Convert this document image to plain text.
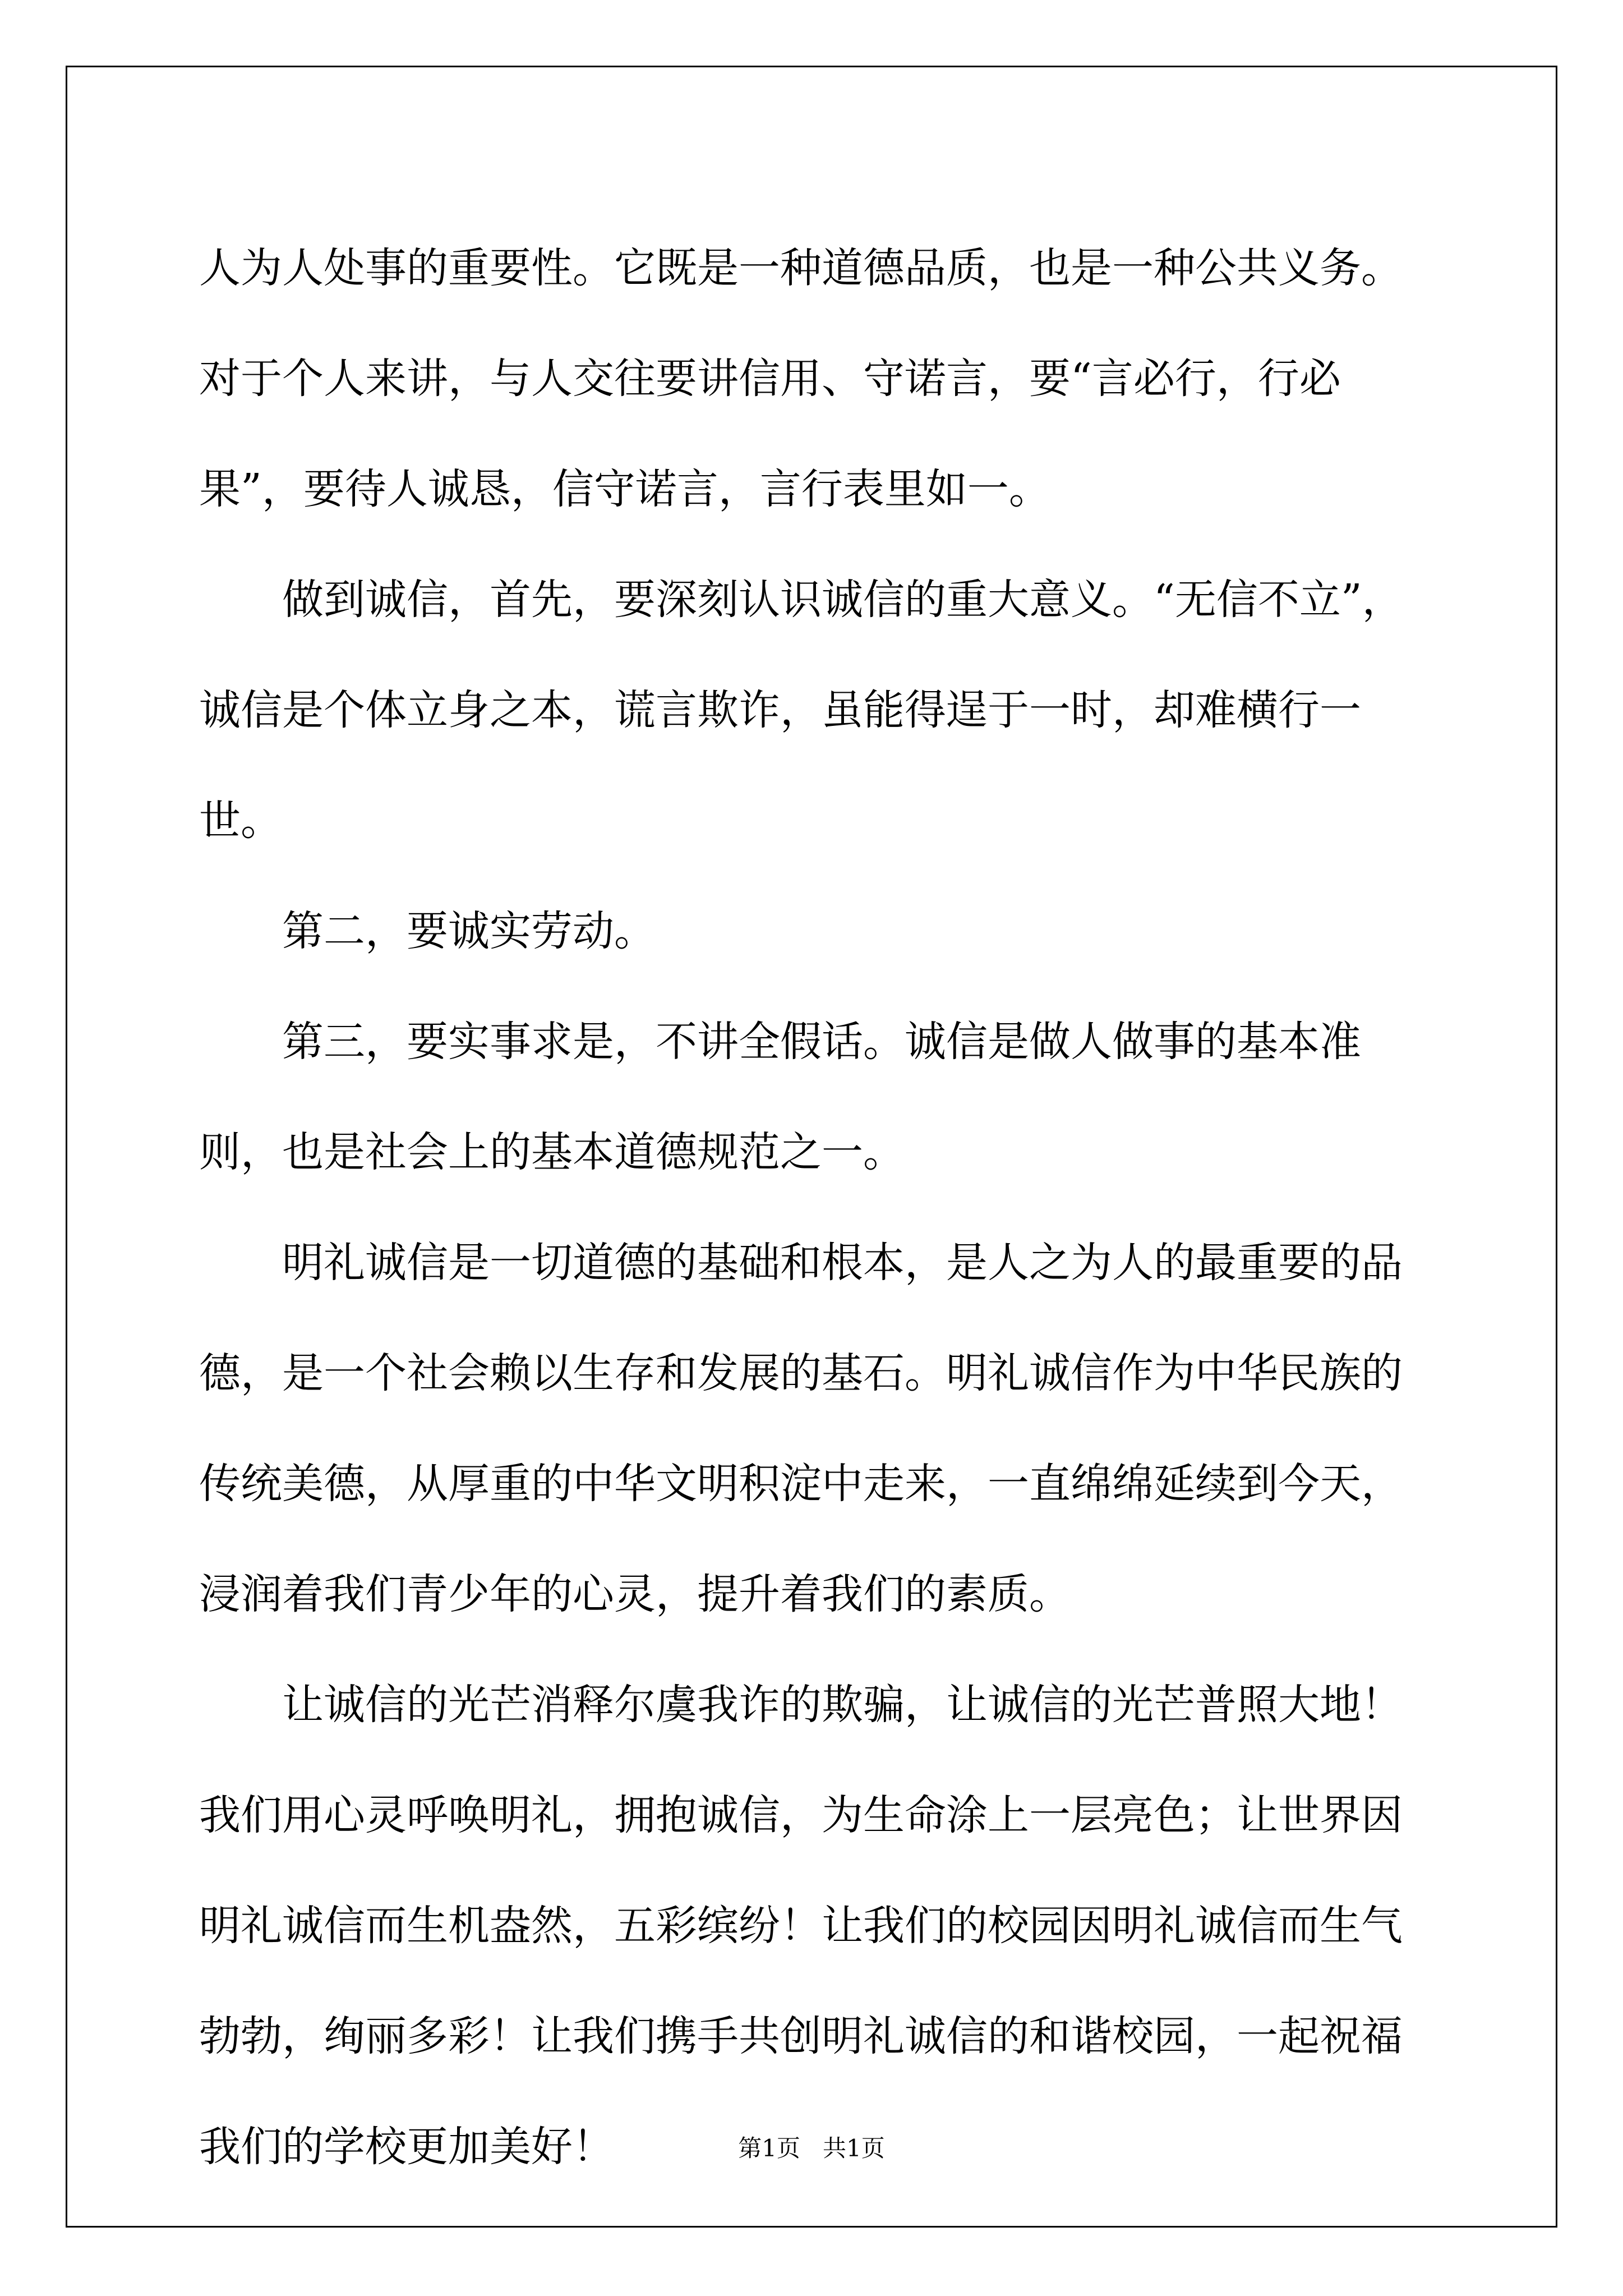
人为人处事的重要性。它既是一种道德品质，也是一种公共义务。对于个人来讲，与人交往要讲信用、守诺言，要“言必行，行必果”，要待人诚恳，信守诺言，言行表里如一。

做到诚信，首先，要深刻认识诚信的重大意义。“无信不立”，诚信是个体立身之本，谎言欺诈，虽能得逞于一时，却难横行一世。

第二，要诚实劳动。

第三，要实事求是，不讲全假话。诚信是做人做事的基本准则，也是社会上的基本道德规范之一。

明礼诚信是一切道德的基础和根本，是人之为人的最重要的品德，是一个社会赖以生存和发展的基石。明礼诚信作为中华民族的传统美德，从厚重的中华文明积淀中走来，一直绵绵延续到今天，浸润着我们青少年的心灵，提升着我们的素质。

让诚信的光芒消释尔虞我诈的欺骗，让诚信的光芒普照大地！我们用心灵呼唤明礼，拥抱诚信，为生命涂上一层亮色；让世界因明礼诚信而生机盎然，五彩缤纷！让我们的校园因明礼诚信而生气勃勃，绚丽多彩！让我们携手共创明礼诚信的和谐校园，一起祝福我们的学校更加美好！	第1页   共1页
